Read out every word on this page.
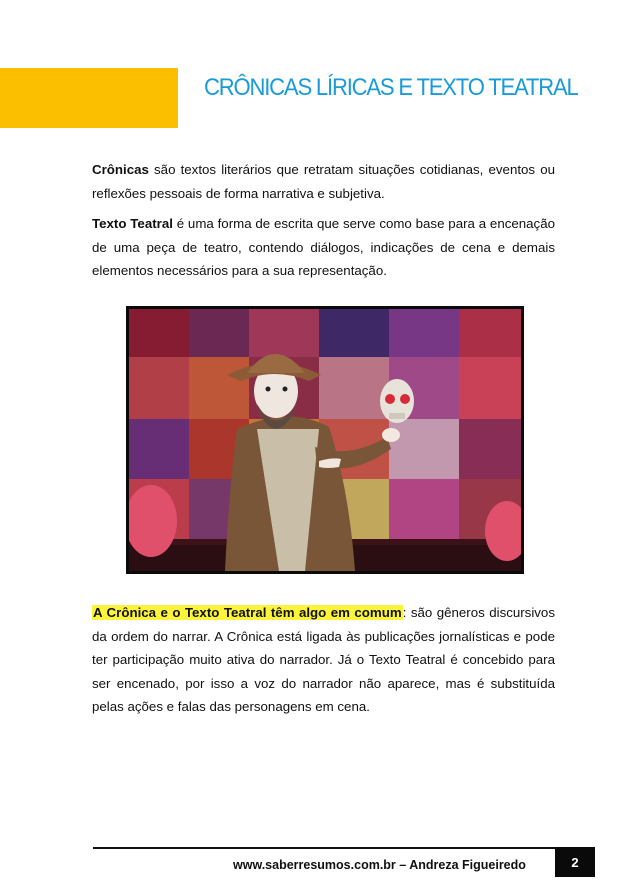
CRÔNICAS LÍRICAS E TEXTO TEATRAL

Crônicas são textos literários que retratam situações cotidianas, eventos ou reflexões pessoais de forma narrativa e subjetiva.

Texto Teatral é uma forma de escrita que serve como base para a encenação de uma peça de teatro, contendo diálogos, indicações de cena e demais elementos necessários para a sua representação.

A Crônica e o Texto Teatral têm algo em comum: são gêneros discursivos da ordem do narrar. A Crônica está ligada às publicações jornalísticas e pode ter participação muito ativa do narrador. Já o Texto Teatral é concebido para ser encenado, por isso a voz do narrador não aparece, mas é substituída pelas ações e falas das personagens em cena.

www.saberresumos.com.br – Andreza Figueiredo	2
